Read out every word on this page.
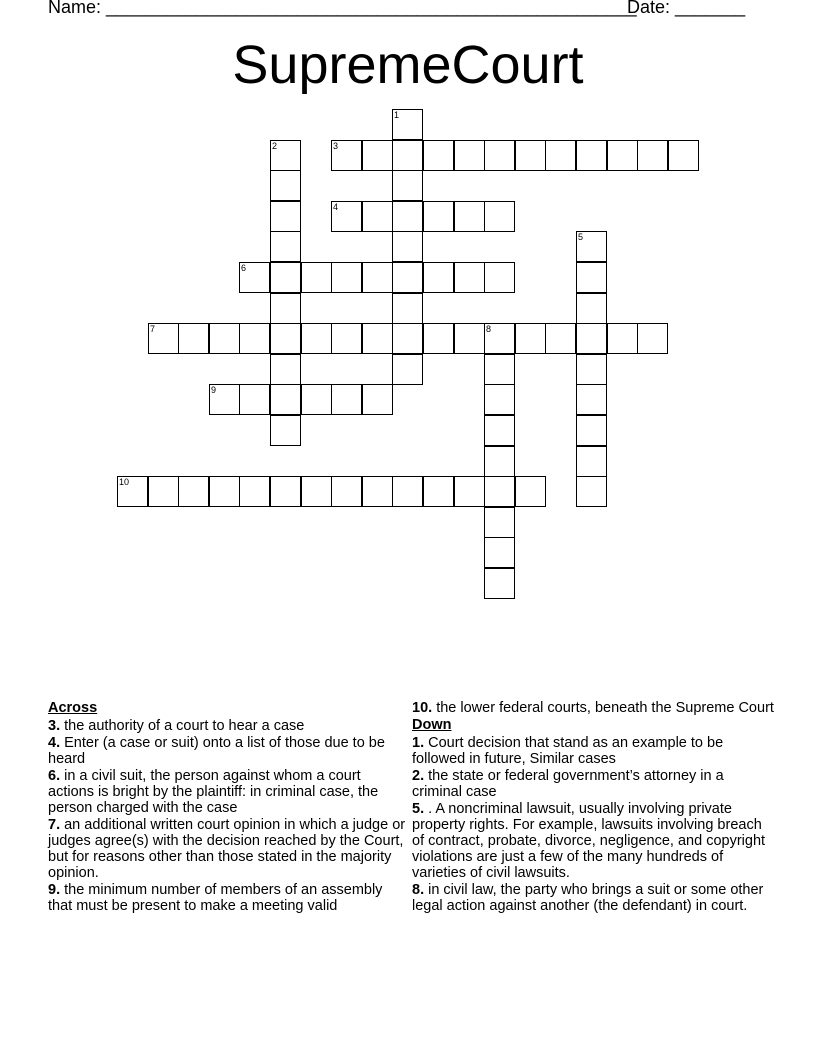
Name: _____________________________________________________
Date: _______
SupremeCourt
1
2	3
4
5
6
7	8
9
10
Across
3. the authority of a court to hear a case
4. Enter (a case or suit) onto a list of those due to be heard
6. in a civil suit, the person against whom a court actions is bright by the plaintiff: in criminal case, the person charged with the case
7. an additional written court opinion in which a judge or judges agree(s) with the decision reached by the Court, but for reasons other than those stated in the majority opinion.
9. the minimum number of members of an assembly that must be present to make a meeting valid
10. the lower federal courts, beneath the Supreme Court
Down
1. Court decision that stand as an example to be followed in future, Similar cases
2. the state or federal government’s attorney in a criminal case
5. . A noncriminal lawsuit, usually involving private property rights. For example, lawsuits involving breach of contract, probate, divorce, negligence, and copyright violations are just a few of the many hundreds of varieties of civil lawsuits.
8. in civil law, the party who brings a suit or some other legal action against another (the defendant) in court.
